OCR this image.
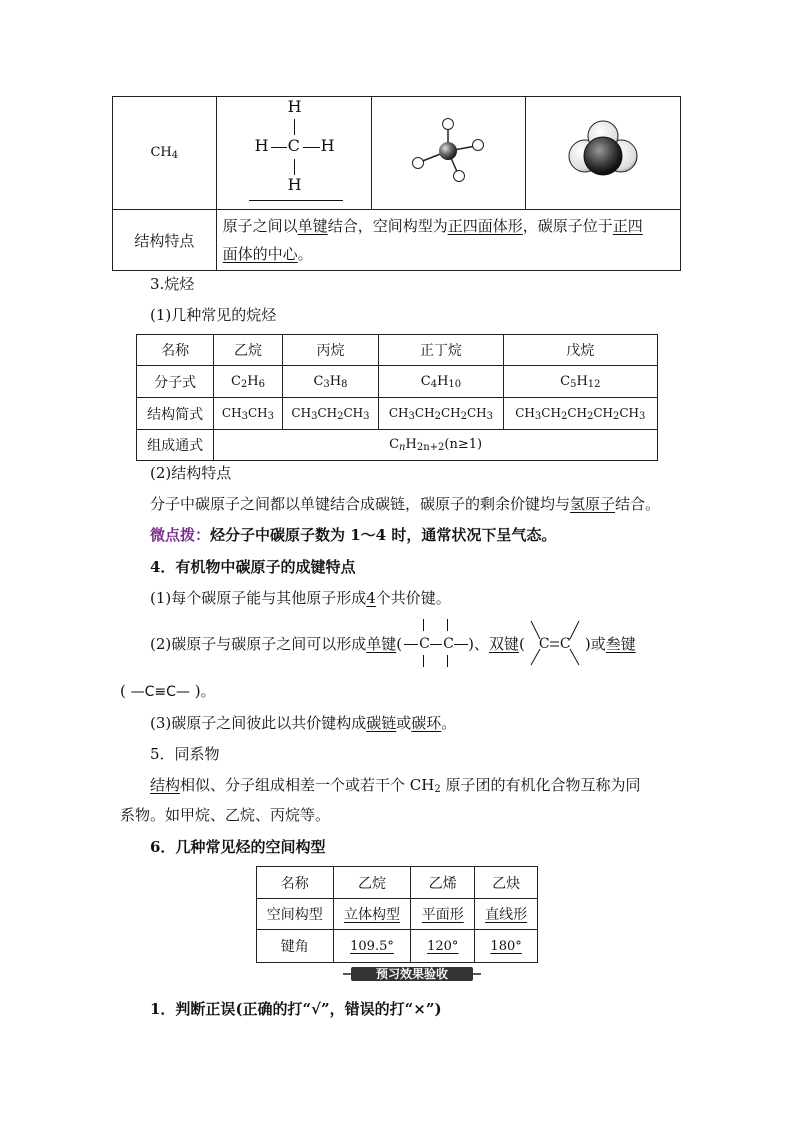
$CH_4$	H
H C H
H

结构特点	原子之间以单键结合，空间构型为正四面体形，碳原子位于正四
面体的中心。		
3.烷烃
(1)几种常见的烷烃
名称	乙烷	丙烷	正丁烷	戊烷
分子式	$C_2H_6$	$C_3H_8$	$C_4H_{10}$	$C_5H_{12}$
结构简式	$CH_3CH_3$	$CH_3CH_2CH_3$	$CH_3CH_2CH_2CH_3$	$CH_3CH_2CH_2CH_2CH_3$
组成通式	$C_nH_{2n+2}(n\ge 1)$			
(2)结构特点
分子中碳原子之间都以单键结合成碳链，碳原子的剩余价键均与氢原子结合。
微点拨：烃分子中碳原子数为 1～4 时，通常状况下呈气态。
4．有机物中碳原子的成键特点
(1)每个碳原子能与其他原子形成4个共价键。
(2)碳原子与碳原子之间可以形成单键( C C )、双键( C C )或叁键
( —C≡C— )。
(3)碳原子之间彼此以共价键构成碳链或碳环。
5．同系物
结构相似、分子组成相差一个或若干个 $CH_2$ 原子团的有机化合物互称为同
系物。如甲烷、乙烷、丙烷等。
6．几种常见烃的空间构型
名称	乙烷	乙烯	乙炔
空间构型	立体构型	平面形	直线形
键角	109.5°	120°	180°
预习效果验收
1．判断正误(正确的打“√”，错误的打“×”)
